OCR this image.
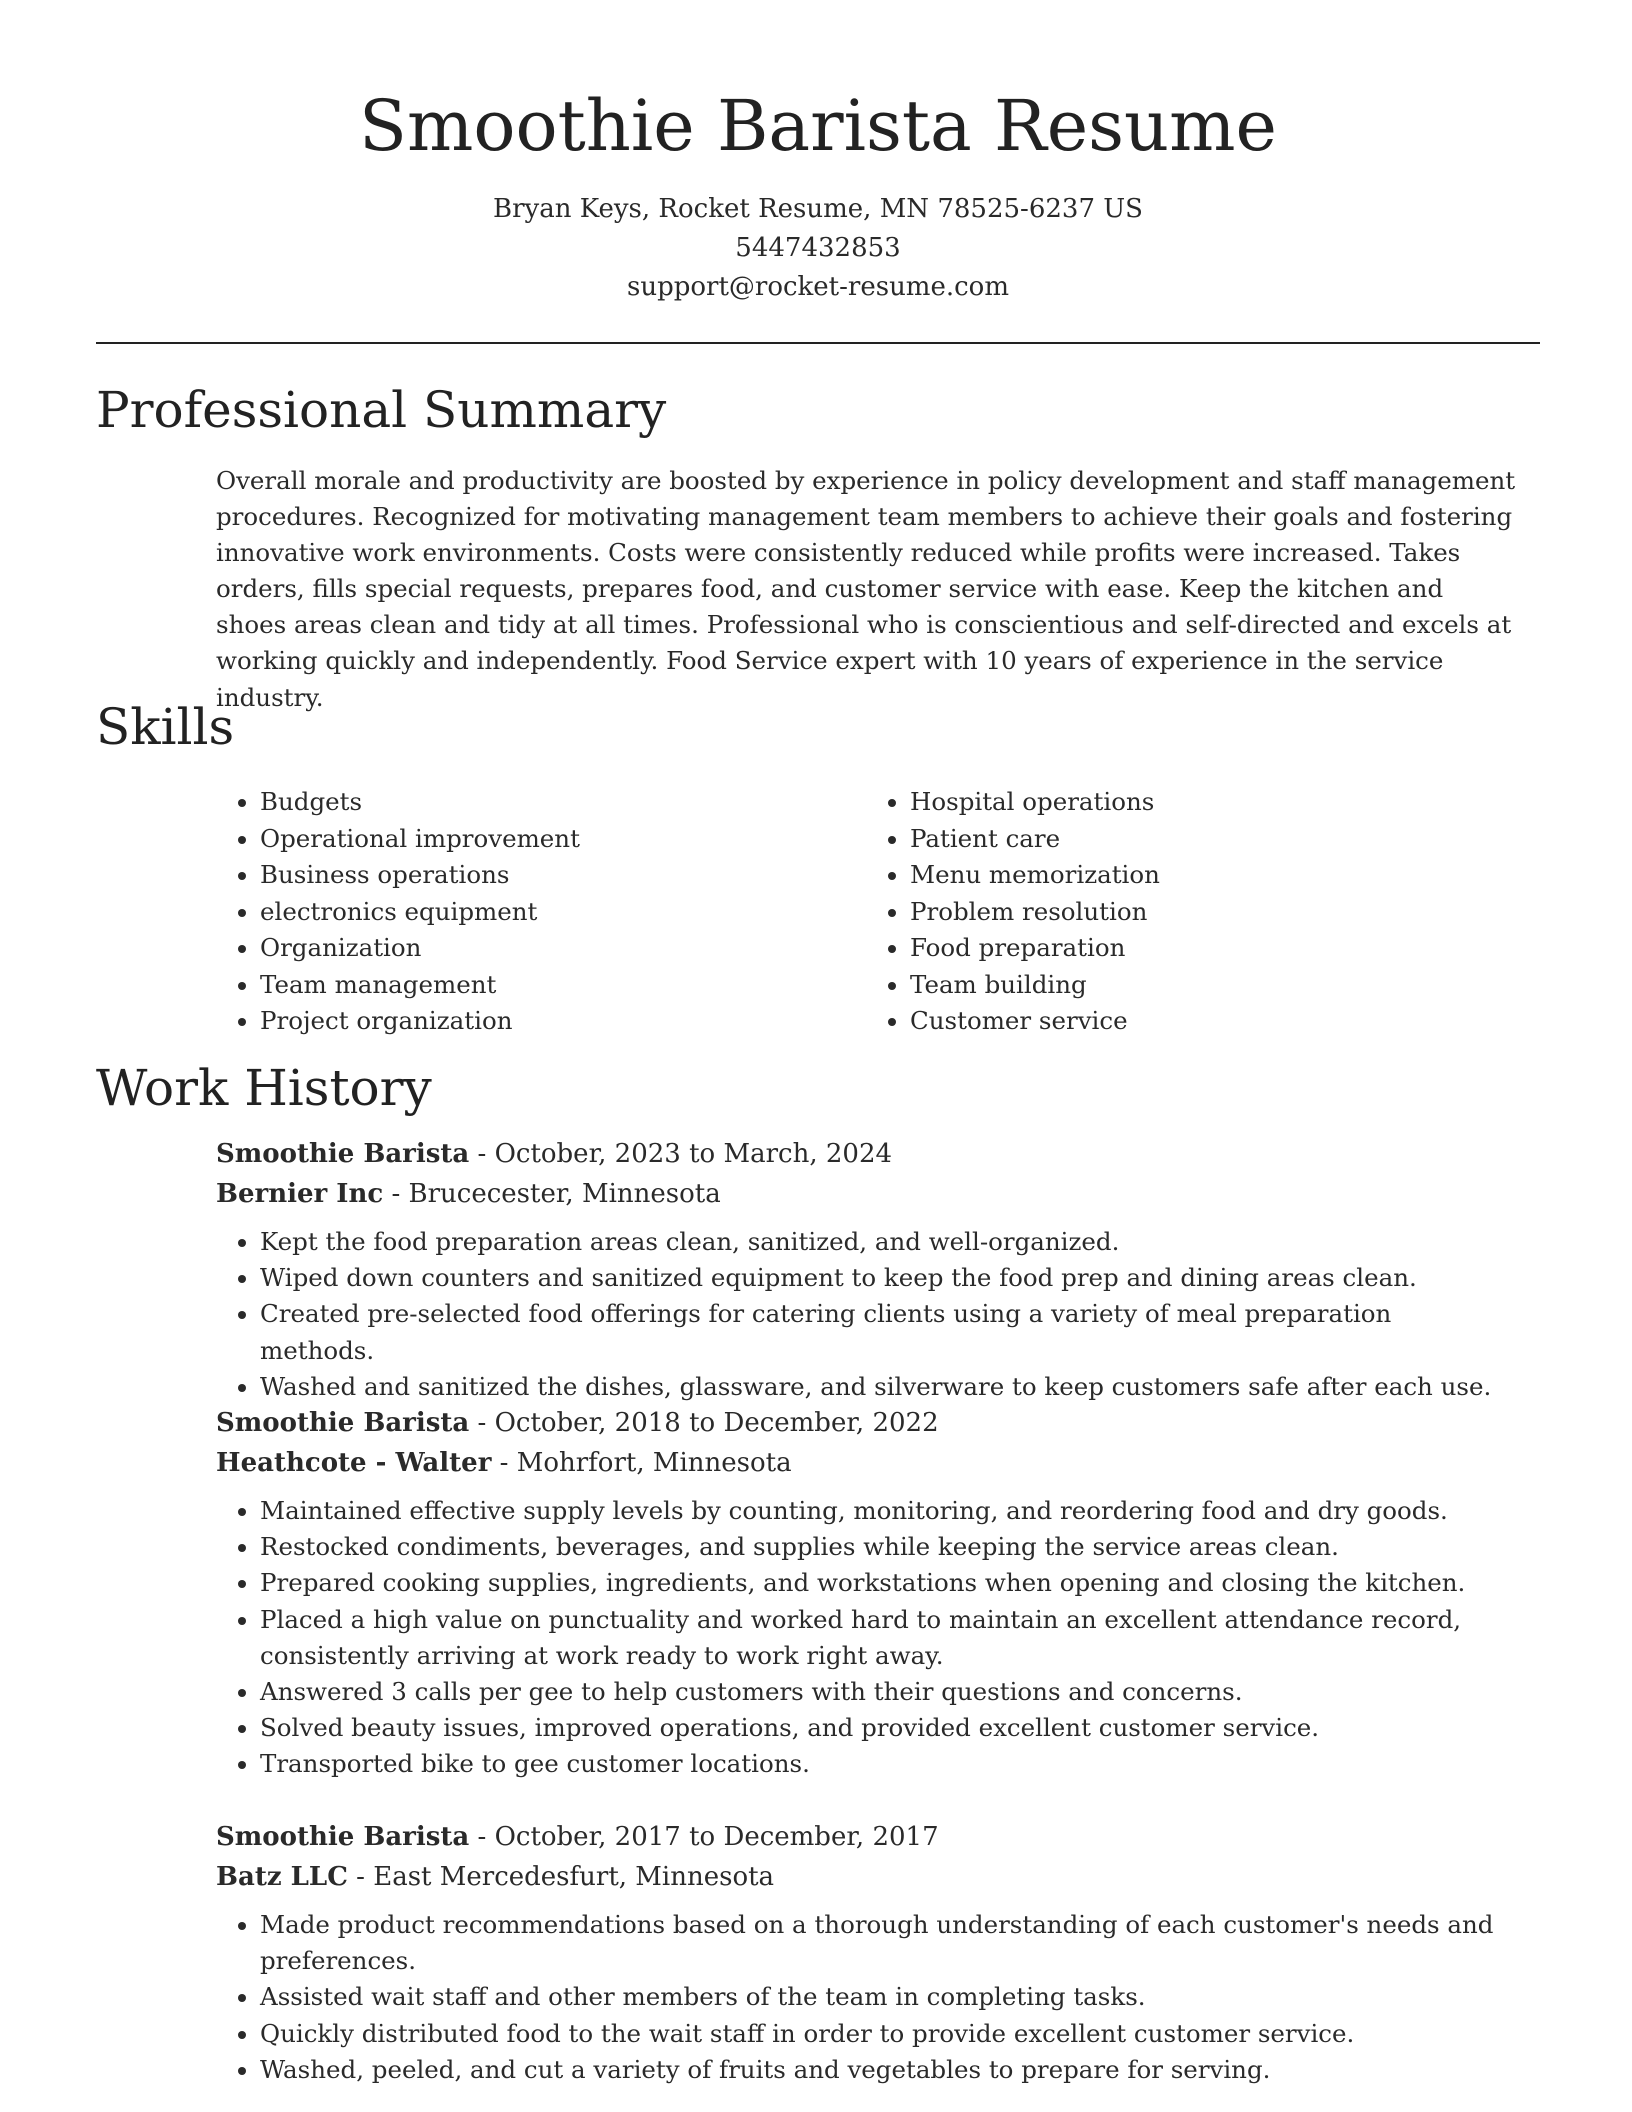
Smoothie Barista Resume
Bryan Keys, Rocket Resume, MN 78525-6237 US
5447432853
support@rocket-resume.com
Professional Summary

Overall morale and productivity are boosted by experience in policy development and staff management procedures. Recognized for motivating management team members to achieve their goals and fostering innovative work environments. Costs were consistently reduced while profits were increased. Takes orders, fills special requests, prepares food, and customer service with ease. Keep the kitchen and shoes areas clean and tidy at all times. Professional who is conscientious and self-directed and excels at working quickly and independently. Food Service expert with 10 years of experience in the service industry.

Skills
• Budgets
• Operational improvement
• Business operations
• electronics equipment
• Organization
• Team management
• Project organization
• Hospital operations
• Patient care
• Menu memorization
• Problem resolution
• Food preparation
• Team building
• Customer service
Work History
Smoothie Barista - October, 2023 to March, 2024
Bernier Inc - Brucecester, Minnesota
• Kept the food preparation areas clean, sanitized, and well-organized.
• Wiped down counters and sanitized equipment to keep the food prep and dining areas clean.
• Created pre-selected food offerings for catering clients using a variety of meal preparation methods.
• Washed and sanitized the dishes, glassware, and silverware to keep customers safe after each use.
Smoothie Barista - October, 2018 to December, 2022
Heathcote - Walter - Mohrfort, Minnesota
• Maintained effective supply levels by counting, monitoring, and reordering food and dry goods.
• Restocked condiments, beverages, and supplies while keeping the service areas clean.
• Prepared cooking supplies, ingredients, and workstations when opening and closing the kitchen.
• Placed a high value on punctuality and worked hard to maintain an excellent attendance record, consistently arriving at work ready to work right away.
• Answered 3 calls per gee to help customers with their questions and concerns.
• Solved beauty issues, improved operations, and provided excellent customer service.
• Transported bike to gee customer locations.
Smoothie Barista - October, 2017 to December, 2017
Batz LLC - East Mercedesfurt, Minnesota
• Made product recommendations based on a thorough understanding of each customer's needs and preferences.
• Assisted wait staff and other members of the team in completing tasks.
• Quickly distributed food to the wait staff in order to provide excellent customer service.
• Washed, peeled, and cut a variety of fruits and vegetables to prepare for serving.
